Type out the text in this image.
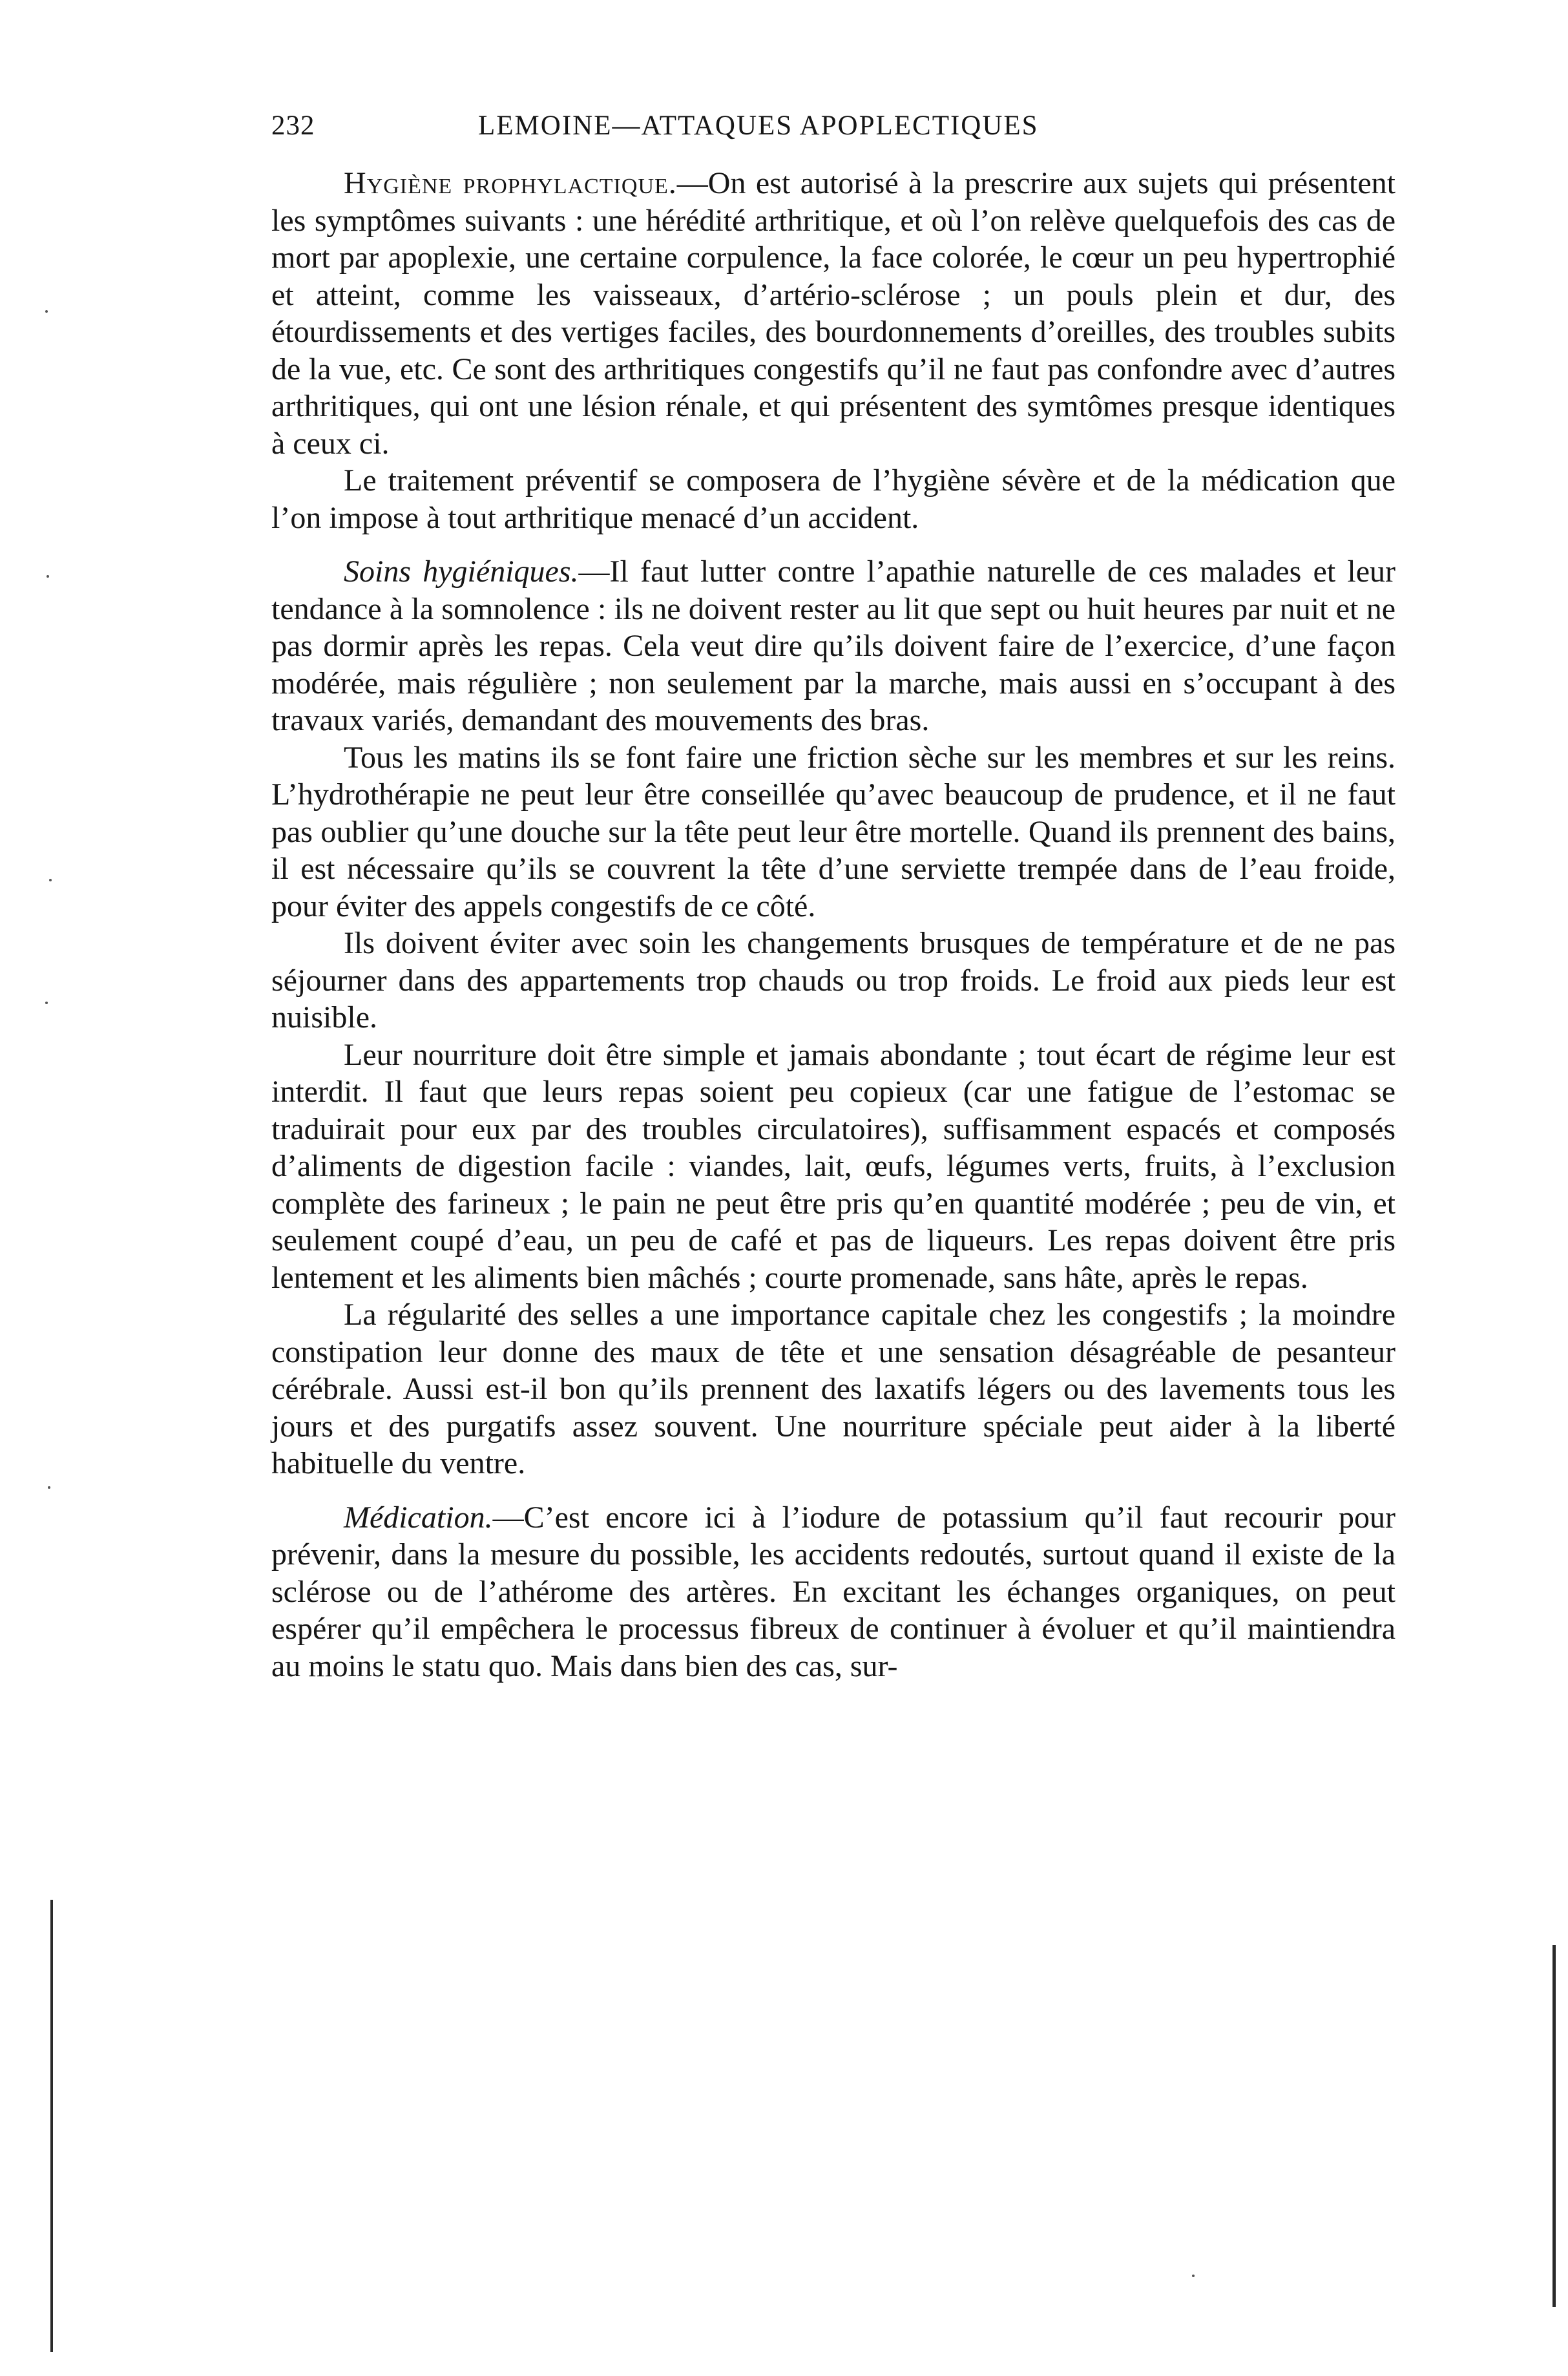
232	LEMOINE—ATTAQUES APOPLECTIQUES

Hygiène prophylactique.—On est autorisé à la prescrire aux sujets qui présentent les symptômes suivants : une hérédité arthritique, et où l’on relève quelquefois des cas de mort par apoplexie, une certaine corpulence, la face colorée, le cœur un peu hypertrophié et atteint, comme les vaisseaux, d’artério-sclérose ; un pouls plein et dur, des étourdissements et des vertiges faciles, des bourdonnements d’oreilles, des troubles subits de la vue, etc. Ce sont des arthritiques congestifs qu’il ne faut pas confondre avec d’autres arthritiques, qui ont une lésion rénale, et qui présentent des symtômes presque identiques à ceux ci.

Le traitement préventif se composera de l’hygiène sévère et de la médication que l’on impose à tout arthritique menacé d’un accident.

Soins hygiéniques.—Il faut lutter contre l’apathie naturelle de ces malades et leur tendance à la somnolence : ils ne doivent rester au lit que sept ou huit heures par nuit et ne pas dormir après les repas. Cela veut dire qu’ils doivent faire de l’exercice, d’une façon modérée, mais régulière ; non seulement par la marche, mais aussi en s’occupant à des travaux variés, demandant des mouvements des bras.

Tous les matins ils se font faire une friction sèche sur les membres et sur les reins. L’hydrothérapie ne peut leur être conseillée qu’avec beaucoup de prudence, et il ne faut pas oublier qu’une douche sur la tête peut leur être mortelle. Quand ils prennent des bains, il est nécessaire qu’ils se couvrent la tête d’une serviette trempée dans de l’eau froide, pour éviter des appels congestifs de ce côté.

Ils doivent éviter avec soin les changements brusques de température et de ne pas séjourner dans des appartements trop chauds ou trop froids. Le froid aux pieds leur est nuisible.

Leur nourriture doit être simple et jamais abondante ; tout écart de régime leur est interdit. Il faut que leurs repas soient peu copieux (car une fatigue de l’estomac se traduirait pour eux par des troubles circulatoires), suffisamment espacés et composés d’aliments de digestion facile : viandes, lait, œufs, légumes verts, fruits, à l’exclusion complète des farineux ; le pain ne peut être pris qu’en quantité modérée ; peu de vin, et seulement coupé d’eau, un peu de café et pas de liqueurs. Les repas doivent être pris lentement et les aliments bien mâchés ; courte promenade, sans hâte, après le repas.

La régularité des selles a une importance capitale chez les congestifs ; la moindre constipation leur donne des maux de tête et une sensation désagréable de pesanteur cérébrale. Aussi est-il bon qu’ils prennent des laxatifs légers ou des lavements tous les jours et des purgatifs assez souvent. Une nourriture spéciale peut aider à la liberté habituelle du ventre.

Médication.—C’est encore ici à l’iodure de potassium qu’il faut recourir pour prévenir, dans la mesure du possible, les accidents redoutés, surtout quand il existe de la sclérose ou de l’athérome des artères. En excitant les échanges organiques, on peut espérer qu’il empêchera le processus fibreux de continuer à évoluer et qu’il maintiendra au moins le statu quo. Mais dans bien des cas, sur-
